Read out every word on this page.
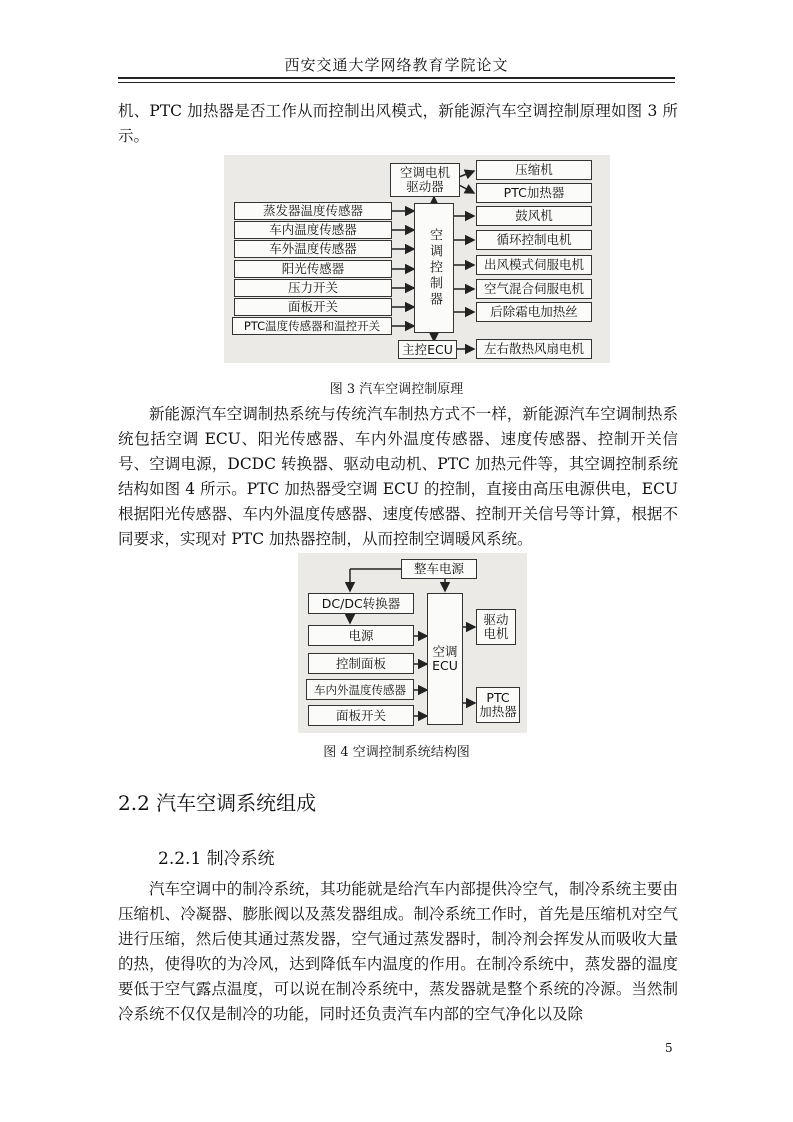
西安交通大学网络教育学院论文

机、PTC 加热器是否工作从而控制出风模式，新能源汽车空调控制原理如图 3 所示。

空调电机
驱动器
空调控制器
蒸发器温度传感器
车内温度传感器
车外温度传感器
阳光传感器
压力开关
面板开关
PTC温度传感器和温控开关
压缩机
PTC加热器
鼓风机
循环控制电机
出风模式伺服电机
空气混合伺服电机
后除霜电加热丝
主控ECU	左右散热风扇电机
图 3 汽车空调控制原理

新能源汽车空调制热系统与传统汽车制热方式不一样，新能源汽车空调制热系统包括空调 ECU、阳光传感器、车内外温度传感器、速度传感器、控制开关信号、空调电源，DCDC 转换器、驱动电动机、PTC 加热元件等，其空调控制系统结构如图 4 所示。PTC 加热器受空调 ECU 的控制，直接由高压电源供电，ECU 根据阳光传感器、车内外温度传感器、速度传感器、控制开关信号等计算，根据不同要求，实现对 PTC 加热器控制，从而控制空调暖风系统。

整车电源
DC/DC转换器
电源
控制面板
车内外温度传感器
面板开关
空调
ECU
驱动
电机
PTC
加热器
图 4 空调控制系统结构图
2.2 汽车空调系统组成
2.2.1 制冷系统

汽车空调中的制冷系统，其功能就是给汽车内部提供冷空气，制冷系统主要由压缩机、冷凝器、膨胀阀以及蒸发器组成。制冷系统工作时，首先是压缩机对空气进行压缩，然后使其通过蒸发器，空气通过蒸发器时，制冷剂会挥发从而吸收大量的热，使得吹的为冷风，达到降低车内温度的作用。在制冷系统中，蒸发器的温度要低于空气露点温度，可以说在制冷系统中，蒸发器就是整个系统的冷源。当然制冷系统不仅仅是制冷的功能，同时还负责汽车内部的空气净化以及除

5
